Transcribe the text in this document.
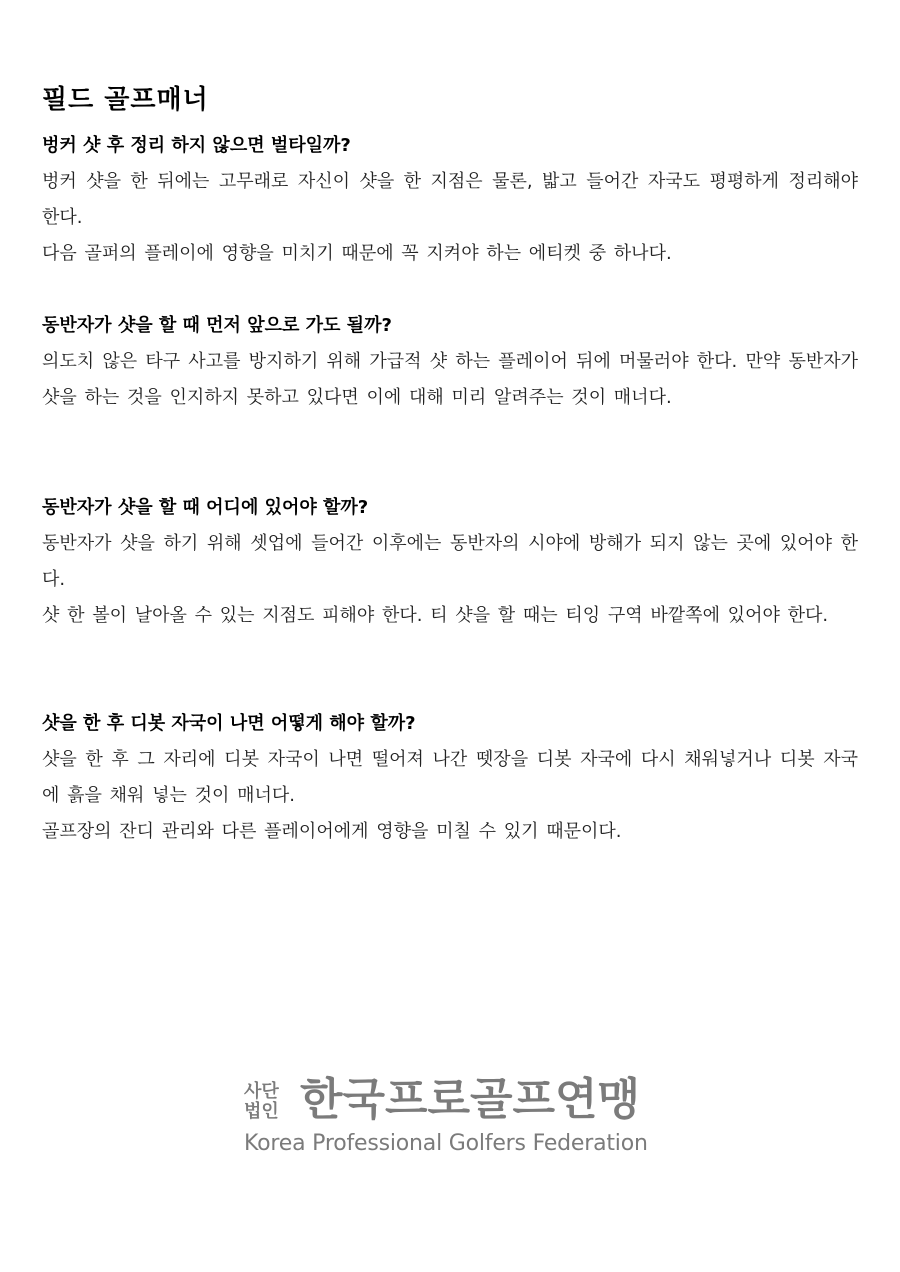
필드 골프매너

벙커 샷 후 정리 하지 않으면 벌타일까?

벙커 샷을 한 뒤에는 고무래로 자신이 샷을 한 지점은 물론, 밟고 들어간 자국도 평평하게 정리해야 한다.

다음 골퍼의 플레이에 영향을 미치기 때문에 꼭 지켜야 하는 에티켓 중 하나다.

동반자가 샷을 할 때 먼저 앞으로 가도 될까?

의도치 않은 타구 사고를 방지하기 위해 가급적 샷 하는 플레이어 뒤에 머물러야 한다. 만약 동반자가 샷을 하는 것을 인지하지 못하고 있다면 이에 대해 미리 알려주는 것이 매너다.

동반자가 샷을 할 때 어디에 있어야 할까?

동반자가 샷을 하기 위해 셋업에 들어간 이후에는 동반자의 시야에 방해가 되지 않는 곳에 있어야 한다.

샷 한 볼이 날아올 수 있는 지점도 피해야 한다. 티 샷을 할 때는 티잉 구역 바깥쪽에 있어야 한다.

샷을 한 후 디봇 자국이 나면 어떻게 해야 할까?

샷을 한 후 그 자리에 디봇 자국이 나면 떨어져 나간 뗏장을 디봇 자국에 다시 채워넣거나 디봇 자국에 흙을 채워 넣는 것이 매너다.

골프장의 잔디 관리와 다른 플레이어에게 영향을 미칠 수 있기 때문이다.

사단
법인 한국프로골프연맹
Korea Professional Golfers Federation
